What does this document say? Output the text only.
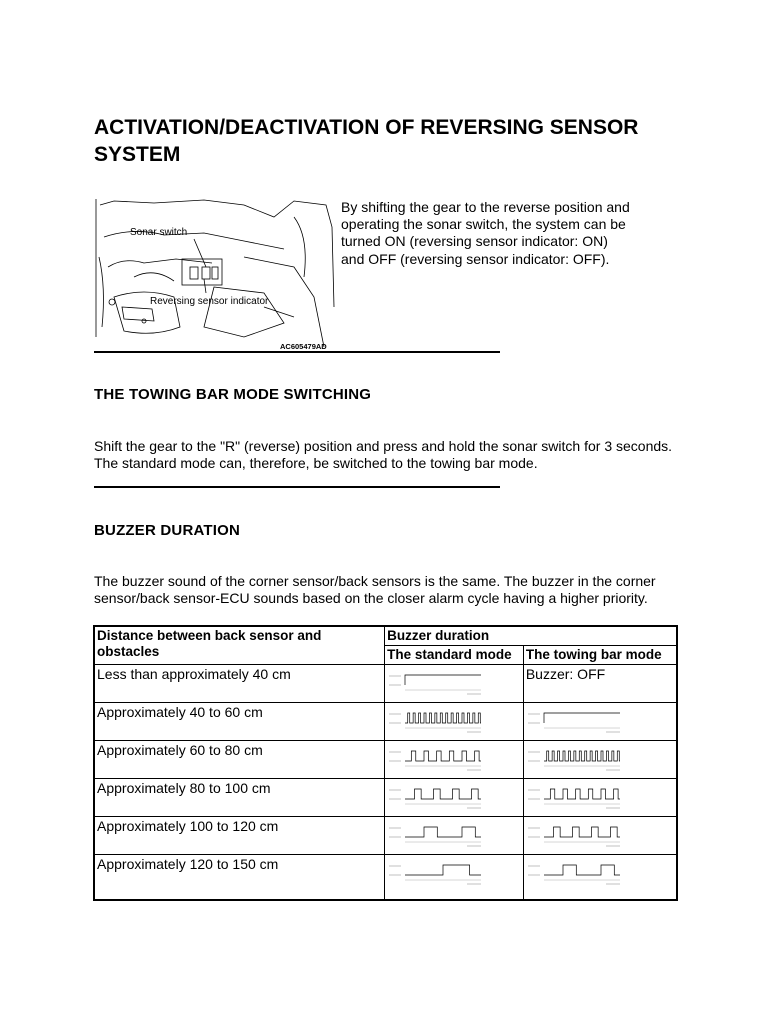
ACTIVATION/DEACTIVATION OF REVERSING SENSOR SYSTEM
Sonar switch
Reversing sensor indicator
AC605479AD

By shifting the gear to the reverse position and operating the sonar switch, the system can be turned ON (reversing sensor indicator: ON) and OFF (reversing sensor indicator: OFF).

THE TOWING BAR MODE SWITCHING

Shift the gear to the "R" (reverse) position and press and hold the sonar switch for 3 seconds. The standard mode can, therefore, be switched to the towing bar mode.

BUZZER DURATION

The buzzer sound of the corner sensor/back sensors is the same. The buzzer in the corner sensor/back sensor-ECU sounds based on the closer alarm cycle having a higher priority.

Distance between back sensor and obstacles	Buzzer duration	
	The standard mode	The towing bar mode
Less than approximately 40 cm		Buzzer: OFF
Approximately 40 to 60 cm	

Approximately 60 to 80 cm	

Approximately 80 to 100 cm	

Approximately 100 to 120 cm	

Approximately 120 to 150 cm	
